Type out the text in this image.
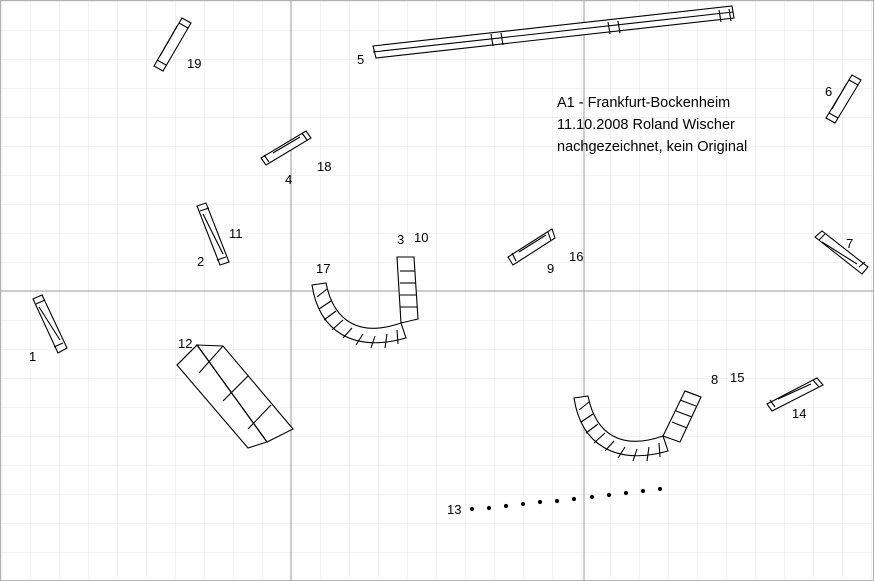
A1 - Frankfurt-Bockenheim
11.10.2008 Roland Wischer
nachgezeichnet, kein Original
19	5
6
18
4
11
2
3 10
16
9
7
17
1
12
8 15
14
13
